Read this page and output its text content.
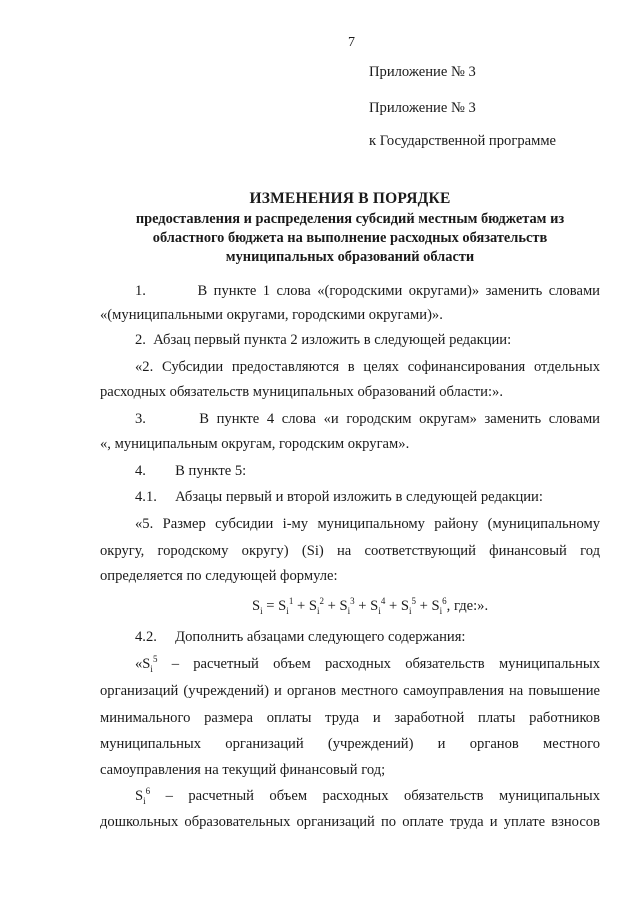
7
Приложение № 3
Приложение № 3
к Государственной программе
ИЗМЕНЕНИЯ В ПОРЯДКЕ
предоставления и распределения субсидий местным бюджетам из
областного бюджета на выполнение расходных обязательств
муниципальных образований области
1.        В пункте 1 слова «(городскими округами)» заменить словами
«(муниципальными округами, городскими округами)».
2.  Абзац первый пункта 2 изложить в следующей редакции:
«2. Субсидии предоставляются в целях софинансирования отдельных
расходных обязательств муниципальных образований области:».
3.       В пункте 4 слова «и городским округам» заменить словами
«, муниципальным округам, городским округам».
4.        В пункте 5:
4.1.     Абзацы первый и второй изложить в следующей редакции:
«5. Размер субсидии i-му муниципальному району (муниципальному
округу, городскому округу) (Si) на соответствующий финансовый год
определяется по следующей формуле:
$S_i = S_i^1 + S_i^2 + S_i^3 + S_i^4 + S_i^5 + S_i^6$, где:».
4.2.     Дополнить абзацами следующего содержания:
«$S_i^5$ – расчетный объем расходных обязательств муниципальных
организаций (учреждений) и органов местного самоуправления на повышение
минимального размера оплаты труда и заработной платы работников
муниципальных организаций (учреждений) и органов местного
самоуправления на текущий финансовый год;
$S_i^6$ – расчетный объем расходных обязательств муниципальных
дошкольных образовательных организаций по оплате труда и уплате взносов
